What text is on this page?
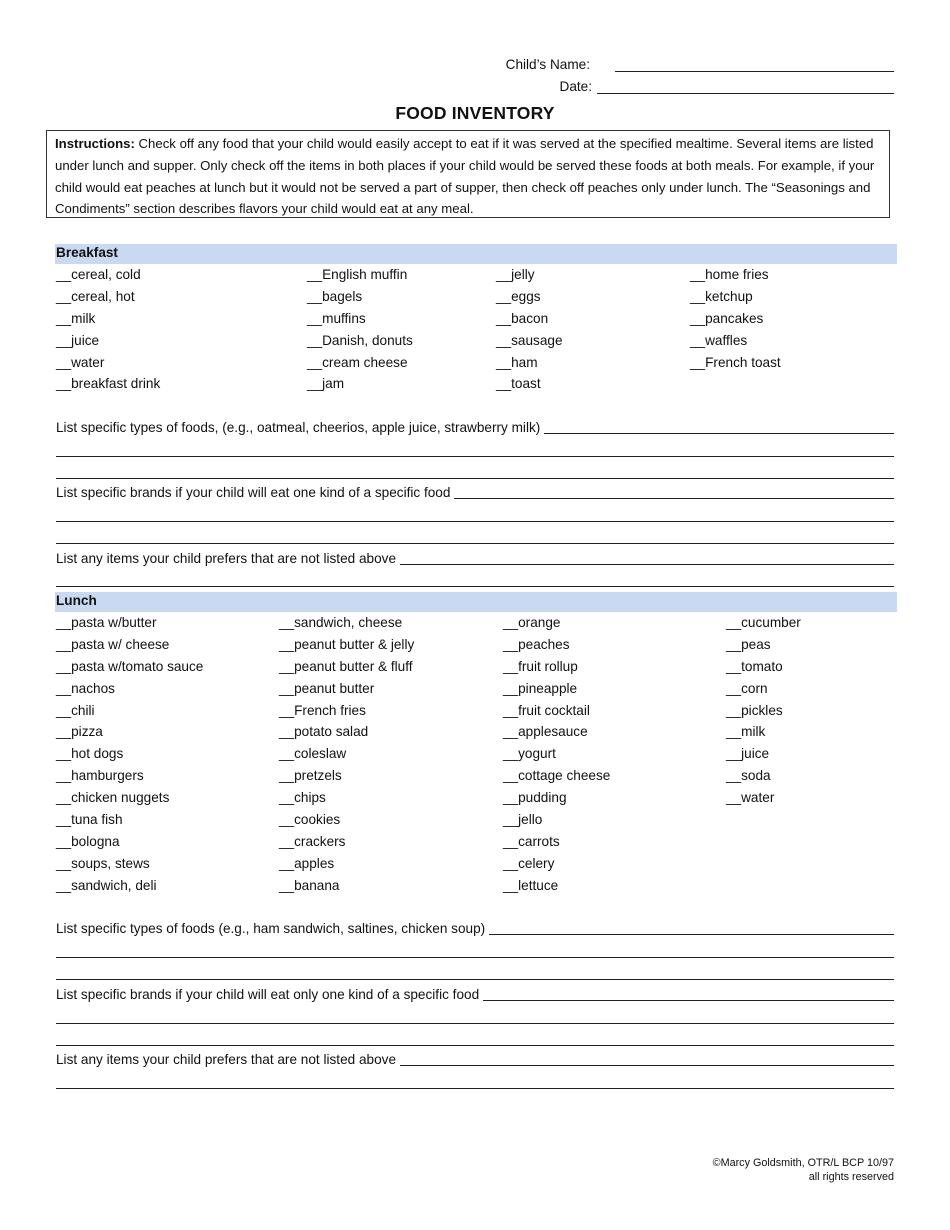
Child’s Name:
Date:
FOOD INVENTORY
Instructions: Check off any food that your child would easily accept to eat if it was served at the specified mealtime. Several items are listed under lunch and supper. Only check off the items in both places if your child would be served these foods at both meals. For example, if your child would eat peaches at lunch but it would not be served a part of supper, then check off peaches only under lunch. The “Seasonings and Condiments” section describes flavors your child would eat at any meal.
Breakfast
__cereal, cold
__cereal, hot
__milk
__juice
__water
__breakfast drink
__English muffin
__bagels
__muffins
__Danish, donuts
__cream cheese
__jam
__jelly
__eggs
__bacon
__sausage
__ham
__toast
__home fries
__ketchup
__pancakes
__waffles
__French toast
List specific types of foods, (e.g., oatmeal, cheerios, apple juice, strawberry milk)
List specific brands if your child will eat one kind of a specific food
List any items your child prefers that are not listed above
Lunch
__pasta w/butter
__pasta w/ cheese
__pasta w/tomato sauce
__nachos
__chili
__pizza
__hot dogs
__hamburgers
__chicken nuggets
__tuna fish
__bologna
__soups, stews
__sandwich, deli
__sandwich, cheese
__peanut butter & jelly
__peanut butter & fluff
__peanut butter
__French fries
__potato salad
__coleslaw
__pretzels
__chips
__cookies
__crackers
__apples
__banana
__orange
__peaches
__fruit rollup
__pineapple
__fruit cocktail
__applesauce
__yogurt
__cottage cheese
__pudding
__jello
__carrots
__celery
__lettuce
__cucumber
__peas
__tomato
__corn
__pickles
__milk
__juice
__soda
__water
List specific types of foods (e.g., ham sandwich, saltines, chicken soup)
List specific brands if your child will eat only one kind of a specific food
List any items your child prefers that are not listed above
©Marcy Goldsmith, OTR/L BCP 10/97
all rights reserved
